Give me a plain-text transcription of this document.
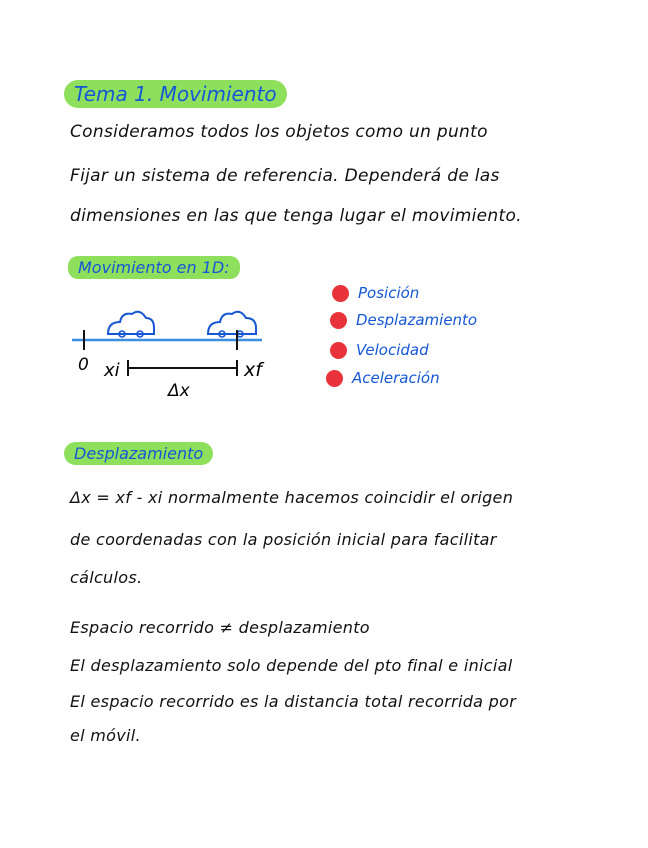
Tema 1. Movimiento
Consideramos todos los objetos como un punto
Fijar un sistema de referencia. Dependerá de las
dimensiones en las que tenga lugar el movimiento.
Movimiento en 1D:
0 xi	xf
Δx
Posición
Desplazamiento
Velocidad
Aceleración
Desplazamiento
Δx = xf - xi normalmente hacemos coincidir el origen
de coordenadas con la posición inicial para facilitar
cálculos.
Espacio recorrido ≠ desplazamiento
El desplazamiento solo depende del pto final e inicial
El espacio recorrido es la distancia total recorrida por
el móvil.
